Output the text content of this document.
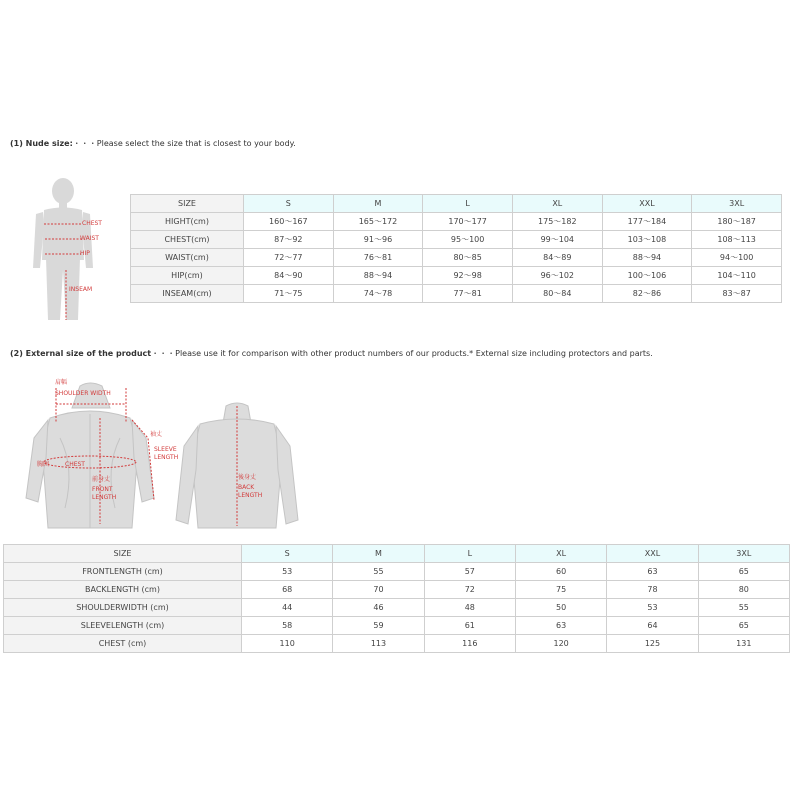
(1) Nude size:・・・Please select the size that is closest to your body.
CHEST
WAIST
HIP
INSEAM
SIZE	S	M	L	XL	XXL	3XL
HIGHT(cm)	160～167	165～172	170～177	175～182	177～184	180～187
CHEST(cm)	87～92	91～96	95～100	99～104	103～108	108～113
WAIST(cm)	72～77	76～81	80～85	84～89	88～94	94～100
HIP(cm)	84～90	88～94	92～98	96～102	100～106	104～110
INSEAM(cm)	71～75	74～78	77～81	80～84	82～86	83～87
(2) External size of the product・・・Please use it for comparison with other product numbers of our products.* External size including protectors and parts.
肩幅
SHOULDER WIDTH
袖丈
SLEEVE
LENGTH
胸囲	CHEST
前身丈
FRONT
LENGTH
後身丈
BACK
LENGTH
SIZE	S	M	L	XL	XXL	3XL
FRONTLENGTH (cm)	53	55	57	60	63	65
BACKLENGTH (cm)	68	70	72	75	78	80
SHOULDERWIDTH (cm)	44	46	48	50	53	55
SLEEVELENGTH (cm)	58	59	61	63	64	65
CHEST (cm)	110	113	116	120	125	131
